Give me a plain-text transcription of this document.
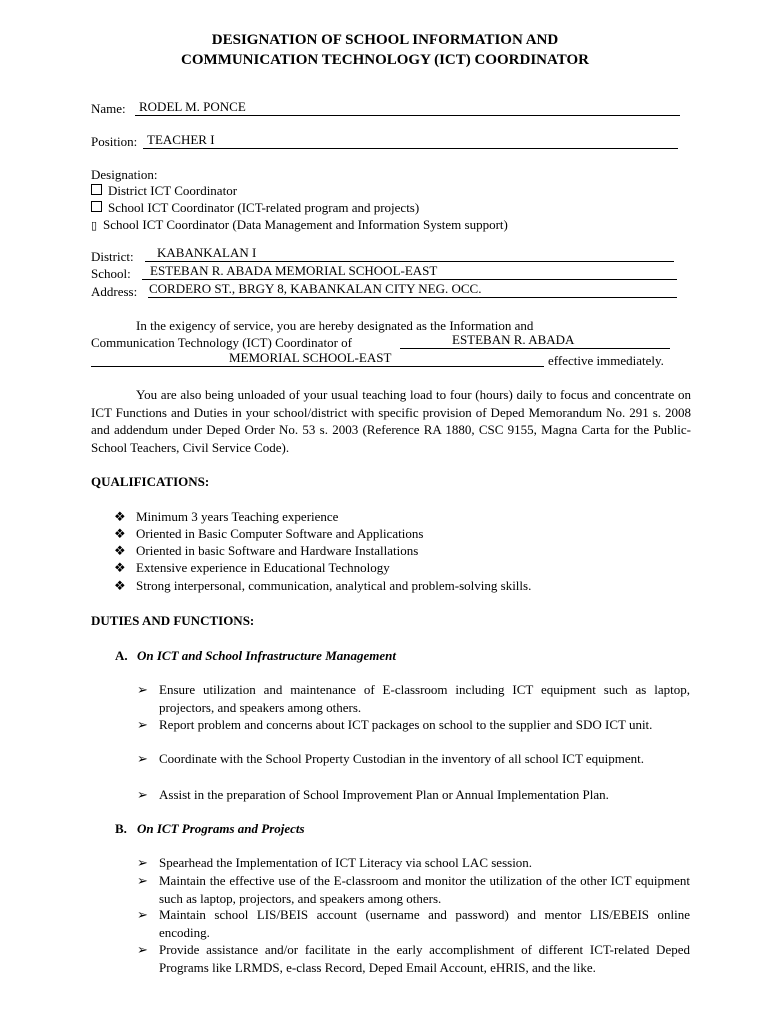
DESIGNATION OF SCHOOL INFORMATION AND
COMMUNICATION TECHNOLOGY (ICT) COORDINATOR
Name:	RODEL M. PONCE
Position: TEACHER I
Designation:
District ICT Coordinator
School ICT Coordinator (ICT-related program and projects)
▯ School ICT Coordinator (Data Management and Information System support)
District:	KABANKALAN I
School:	ESTEBAN R. ABADA MEMORIAL SCHOOL-EAST
Address: CORDERO ST., BRGY 8, KABANKALAN CITY NEG. OCC.
In the exigency of service, you are hereby designated as the Information and
Communication Technology (ICT) Coordinator of	ESTEBAN R. ABADA
MEMORIAL SCHOOL-EAST	effective immediately.
You are also being unloaded of your usual teaching load to four (hours) daily to focus and concentrate on ICT Functions and Duties in your school/district with specific provision of Deped Memorandum No. 291 s. 2008 and addendum under Deped Order No. 53 s. 2003 (Reference RA 1880, CSC 9155, Magna Carta for the Public-School Teachers, Civil Service Code).
QUALIFICATIONS:
❖ Minimum 3 years Teaching experience
❖ Oriented in Basic Computer Software and Applications
❖ Oriented in basic Software and Hardware Installations
❖ Extensive experience in Educational Technology
❖ Strong interpersonal, communication, analytical and problem-solving skills.
DUTIES AND FUNCTIONS:
A. On ICT and School Infrastructure Management
➢ Ensure utilization and maintenance of E-classroom including ICT equipment such as laptop, projectors, and speakers among others.
➢ Report problem and concerns about ICT packages on school to the supplier and SDO ICT unit.
➢ Coordinate with the School Property Custodian in the inventory of all school ICT equipment.
➢ Assist in the preparation of School Improvement Plan or Annual Implementation Plan.
B. On ICT Programs and Projects
➢ Spearhead the Implementation of ICT Literacy via school LAC session.
➢ Maintain the effective use of the E-classroom and monitor the utilization of the other ICT equipment such as laptop, projectors, and speakers among others.
➢ Maintain school LIS/BEIS account (username and password) and mentor LIS/EBEIS online encoding.
➢ Provide assistance and/or facilitate in the early accomplishment of different ICT-related Deped Programs like LRMDS, e-class Record, Deped Email Account, eHRIS, and the like.
